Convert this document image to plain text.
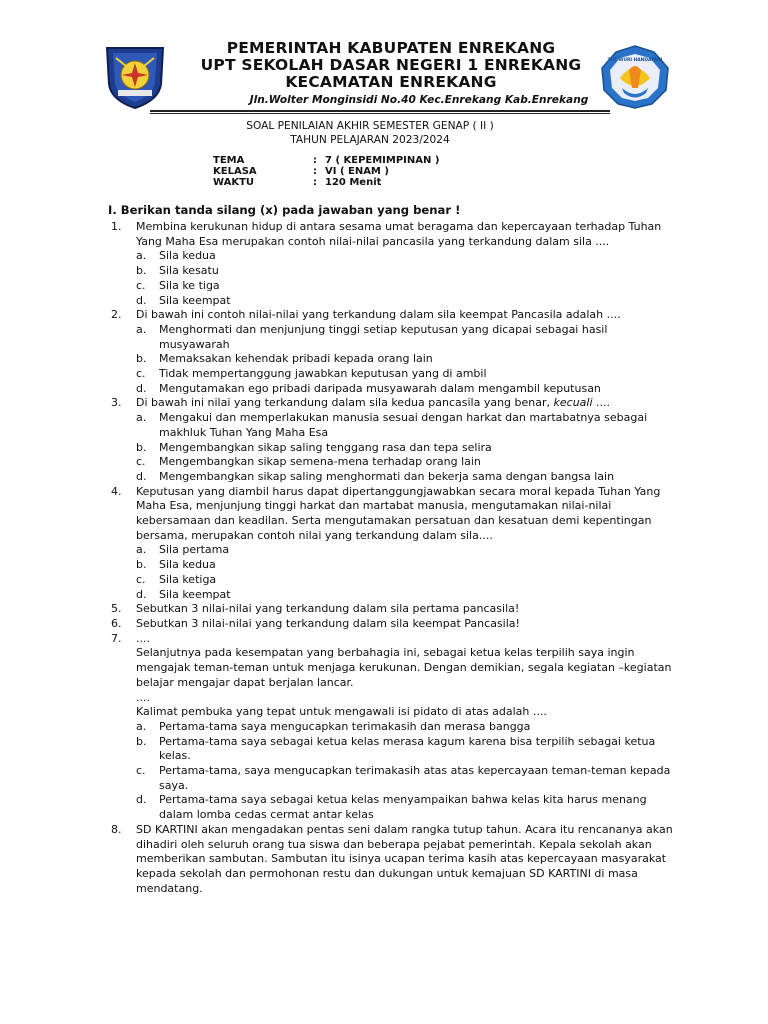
TUT WURI HANDAYANI
PEMERINTAH KABUPATEN ENREKANG
UPT SEKOLAH DASAR NEGERI 1 ENREKANG
KECAMATAN ENREKANG
Jln.Wolter Monginsidi No.40 Kec.Enrekang Kab.Enrekang
SOAL PENILAIAN AKHIR SEMESTER GENAP ( II )
TAHUN PELAJARAN 2023/2024
TEMA	: 7 ( KEPEMIMPINAN )
KELASA	: VI ( ENAM )
WAKTU	: 120 Menit
I. Berikan tanda silang (x) pada jawaban yang benar !
1. Membina kerukunan hidup di antara sesama umat beragama dan kepercayaan terhadap Tuhan
Yang Maha Esa merupakan contoh nilai-nilai pancasila yang terkandung dalam sila ....
a. Sila kedua
b. Sila kesatu
c. Sila ke tiga
d. Sila keempat
2. Di bawah ini contoh nilai-nilai yang terkandung dalam sila keempat Pancasila adalah ....
a. Menghormati dan menjunjung tinggi setiap keputusan yang dicapai sebagai hasil
musyawarah
b. Memaksakan kehendak pribadi kepada orang lain
c. Tidak mempertanggung jawabkan keputusan yang di ambil
d. Mengutamakan ego pribadi daripada musyawarah dalam mengambil keputusan
3. Di bawah ini nilai yang terkandung dalam sila kedua pancasila yang benar, kecuali ....
a. Mengakui dan memperlakukan manusia sesuai dengan harkat dan martabatnya sebagai
makhluk Tuhan Yang Maha Esa
b. Mengembangkan sikap saling tenggang rasa dan tepa selira
c. Mengembangkan sikap semena-mena terhadap orang lain
d. Mengembangkan sikap saling menghormati dan bekerja sama dengan bangsa lain
4. Keputusan yang diambil harus dapat dipertanggungjawabkan secara moral kepada Tuhan Yang
Maha Esa, menjunjung tinggi harkat dan martabat manusia, mengutamakan nilai-nilai
kebersamaan dan keadilan. Serta mengutamakan persatuan dan kesatuan demi kepentingan
bersama, merupakan contoh nilai yang terkandung dalam sila....
a. Sila pertama
b. Sila kedua
c. Sila ketiga
d. Sila keempat
5. Sebutkan 3 nilai-nilai yang terkandung dalam sila pertama pancasila!
6. Sebutkan 3 nilai-nilai yang terkandung dalam sila keempat Pancasila!
7. ....
Selanjutnya pada kesempatan yang berbahagia ini, sebagai ketua kelas terpilih saya ingin
mengajak teman-teman untuk menjaga kerukunan. Dengan demikian, segala kegiatan –kegiatan
belajar mengajar dapat berjalan lancar.
....
Kalimat pembuka yang tepat untuk mengawali isi pidato di atas adalah ....
a. Pertama-tama saya mengucapkan terimakasih dan merasa bangga
b. Pertama-tama saya sebagai ketua kelas merasa kagum karena bisa terpilih sebagai ketua
kelas.
c. Pertama-tama, saya mengucapkan terimakasih atas atas kepercayaan teman-teman kepada
saya.
d. Pertama-tama saya sebagai ketua kelas menyampaikan bahwa kelas kita harus menang
dalam lomba cedas cermat antar kelas
8. SD KARTINI akan mengadakan pentas seni dalam rangka tutup tahun. Acara itu rencananya akan
dihadiri oleh seluruh orang tua siswa dan beberapa pejabat pemerintah. Kepala sekolah akan
memberikan sambutan. Sambutan itu isinya ucapan terima kasih atas kepercayaan masyarakat
kepada sekolah dan permohonan restu dan dukungan untuk kemajuan SD KARTINI di masa
mendatang.
